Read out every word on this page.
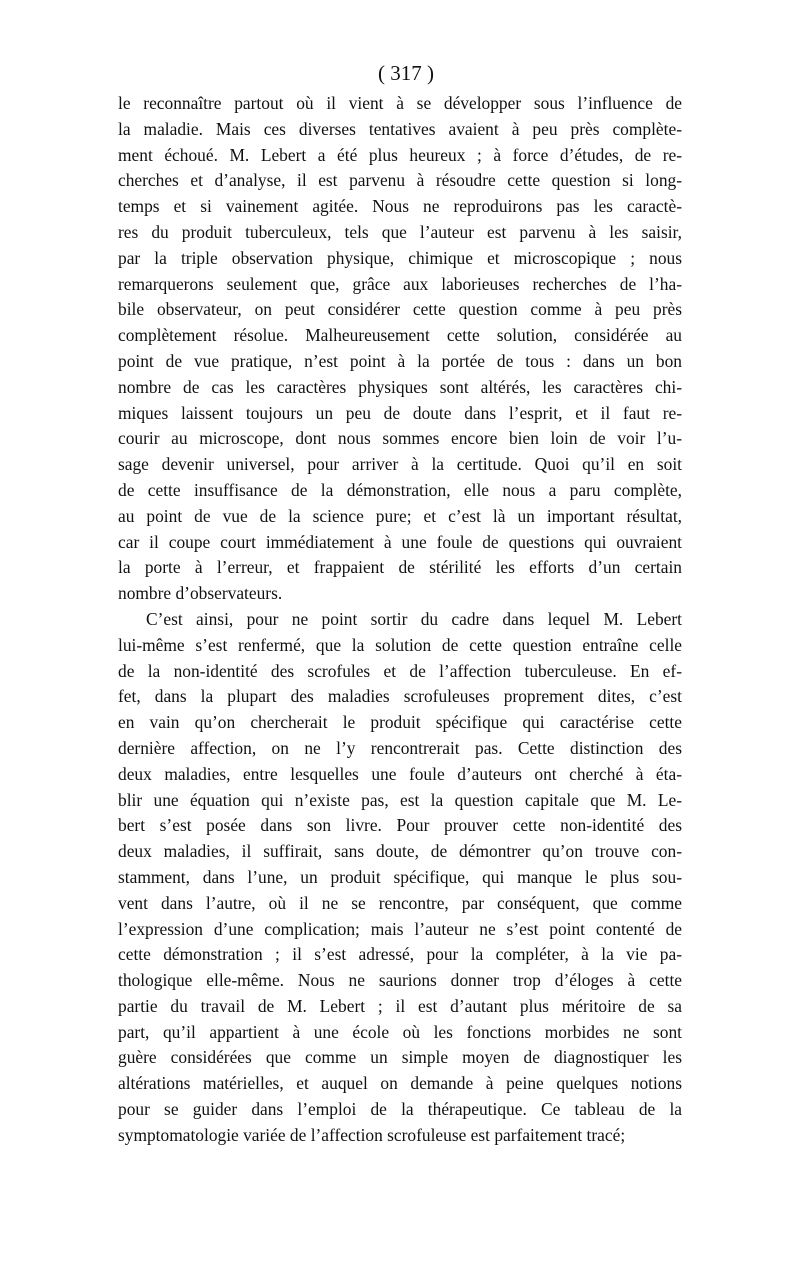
( 317 )
le reconnaître partout où il vient à se développer sous l’influence de
la maladie. Mais ces diverses tentatives avaient à peu près complète-
ment échoué. M. Lebert a été plus heureux ; à force d’études, de re-
cherches et d’analyse, il est parvenu à résoudre cette question si long-
temps et si vainement agitée. Nous ne reproduirons pas les caractè-
res du produit tuberculeux, tels que l’auteur est parvenu à les saisir,
par la triple observation physique, chimique et microscopique ; nous
remarquerons seulement que, grâce aux laborieuses recherches de l’ha-
bile observateur, on peut considérer cette question comme à peu près
complètement résolue. Malheureusement cette solution, considérée au
point de vue pratique, n’est point à la portée de tous : dans un bon
nombre de cas les caractères physiques sont altérés, les caractères chi-
miques laissent toujours un peu de doute dans l’esprit, et il faut re-
courir au microscope, dont nous sommes encore bien loin de voir l’u-
sage devenir universel, pour arriver à la certitude. Quoi qu’il en soit
de cette insuffisance de la démonstration, elle nous a paru complète,
au point de vue de la science pure; et c’est là un important résultat,
car il coupe court immédiatement à une foule de questions qui ouvraient
la porte à l’erreur, et frappaient de stérilité les efforts d’un certain
nombre d’observateurs.
C’est ainsi, pour ne point sortir du cadre dans lequel M. Lebert
lui-même s’est renfermé, que la solution de cette question entraîne celle
de la non-identité des scrofules et de l’affection tuberculeuse. En ef-
fet, dans la plupart des maladies scrofuleuses proprement dites, c’est
en vain qu’on chercherait le produit spécifique qui caractérise cette
dernière affection, on ne l’y rencontrerait pas. Cette distinction des
deux maladies, entre lesquelles une foule d’auteurs ont cherché à éta-
blir une équation qui n’existe pas, est la question capitale que M. Le-
bert s’est posée dans son livre. Pour prouver cette non-identité des
deux maladies, il suffirait, sans doute, de démontrer qu’on trouve con-
stamment, dans l’une, un produit spécifique, qui manque le plus sou-
vent dans l’autre, où il ne se rencontre, par conséquent, que comme
l’expression d’une complication; mais l’auteur ne s’est point contenté de
cette démonstration ; il s’est adressé, pour la compléter, à la vie pa-
thologique elle-même. Nous ne saurions donner trop d’éloges à cette
partie du travail de M. Lebert ; il est d’autant plus méritoire de sa
part, qu’il appartient à une école où les fonctions morbides ne sont
guère considérées que comme un simple moyen de diagnostiquer les
altérations matérielles, et auquel on demande à peine quelques notions
pour se guider dans l’emploi de la thérapeutique. Ce tableau de la
symptomatologie variée de l’affection scrofuleuse est parfaitement tracé;
